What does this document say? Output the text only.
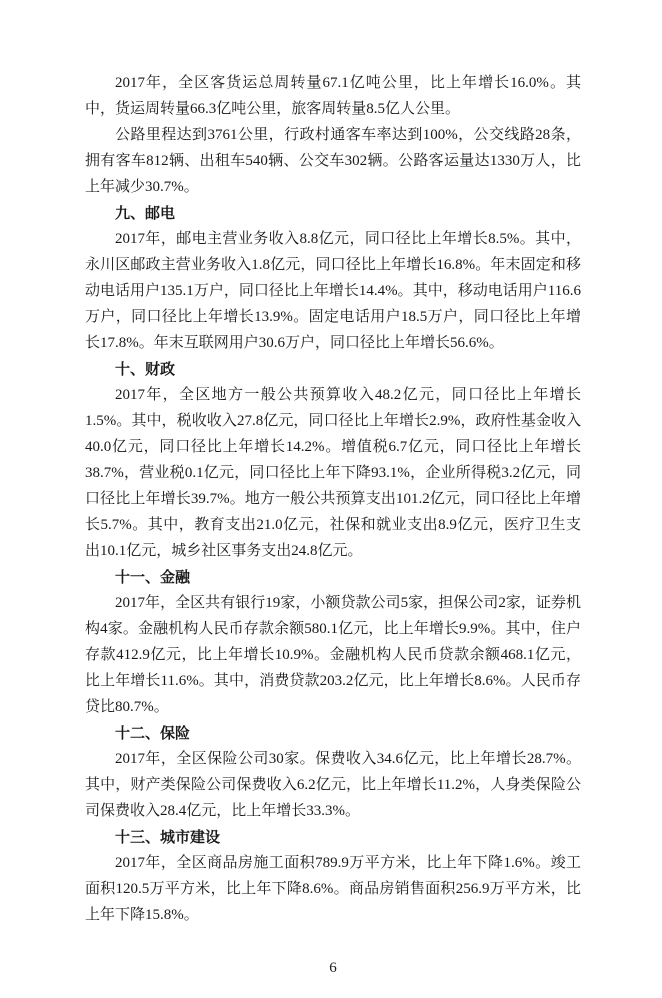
2017年，全区客货运总周转量67.1亿吨公里，比上年增长16.0%。其中，货运周转量66.3亿吨公里，旅客周转量8.5亿人公里。

公路里程达到3761公里，行政村通客车率达到100%，公交线路28条，拥有客车812辆、出租车540辆、公交车302辆。公路客运量达1330万人，比上年减少30.7%。

九、邮电

2017年，邮电主营业务收入8.8亿元，同口径比上年增长8.5%。其中，永川区邮政主营业务收入1.8亿元，同口径比上年增长16.8%。年末固定和移动电话用户135.1万户，同口径比上年增长14.4%。其中，移动电话用户116.6万户，同口径比上年增长13.9%。固定电话用户18.5万户，同口径比上年增长17.8%。年末互联网用户30.6万户，同口径比上年增长56.6%。

十、财政

2017年，全区地方一般公共预算收入48.2亿元，同口径比上年增长1.5%。其中，税收收入27.8亿元，同口径比上年增长2.9%，政府性基金收入40.0亿元，同口径比上年增长14.2%。增值税6.7亿元，同口径比上年增长38.7%，营业税0.1亿元，同口径比上年下降93.1%，企业所得税3.2亿元，同口径比上年增长39.7%。地方一般公共预算支出101.2亿元，同口径比上年增长5.7%。其中，教育支出21.0亿元，社保和就业支出8.9亿元，医疗卫生支出10.1亿元，城乡社区事务支出24.8亿元。

十一、金融

2017年，全区共有银行19家，小额贷款公司5家，担保公司2家，证券机构4家。金融机构人民币存款余额580.1亿元，比上年增长9.9%。其中，住户存款412.9亿元，比上年增长10.9%。金融机构人民币贷款余额468.1亿元，比上年增长11.6%。其中，消费贷款203.2亿元，比上年增长8.6%。人民币存贷比80.7%。

十二、保险

2017年，全区保险公司30家。保费收入34.6亿元，比上年增长28.7%。其中，财产类保险公司保费收入6.2亿元，比上年增长11.2%，人身类保险公司保费收入28.4亿元，比上年增长33.3%。

十三、城市建设

2017年，全区商品房施工面积789.9万平方米，比上年下降1.6%。竣工面积120.5万平方米，比上年下降8.6%。商品房销售面积256.9万平方米，比上年下降15.8%。

6
